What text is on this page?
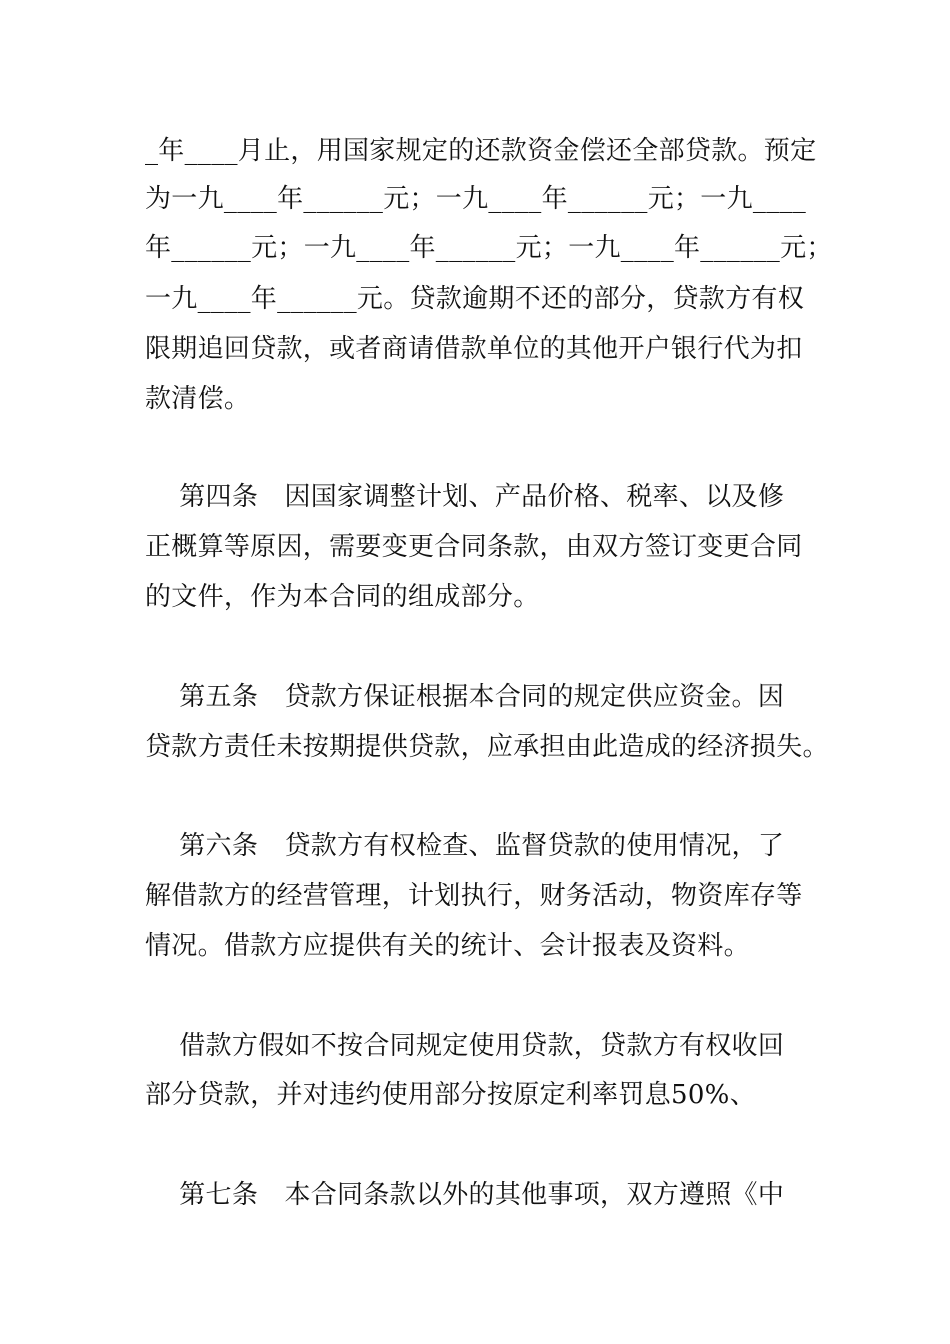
_年____月止，用国家规定的还款资金偿还全部贷款。预定
为一九____年______元；一九____年______元；一九____
年______元；一九____年______元；一九____年______元；
一九____年______元。贷款逾期不还的部分，贷款方有权
限期追回贷款，或者商请借款单位的其他开户银行代为扣
款清偿。
第四条　因国家调整计划、产品价格、税率、以及修
正概算等原因，需要变更合同条款，由双方签订变更合同
的文件，作为本合同的组成部分。
第五条　贷款方保证根据本合同的规定供应资金。因
贷款方责任未按期提供贷款，应承担由此造成的经济损失。
第六条　贷款方有权检查、监督贷款的使用情况，了
解借款方的经营管理，计划执行，财务活动，物资库存等
情况。借款方应提供有关的统计、会计报表及资料。
借款方假如不按合同规定使用贷款，贷款方有权收回
部分贷款，并对违约使用部分按原定利率罚息50%、
第七条　本合同条款以外的其他事项，双方遵照《中
